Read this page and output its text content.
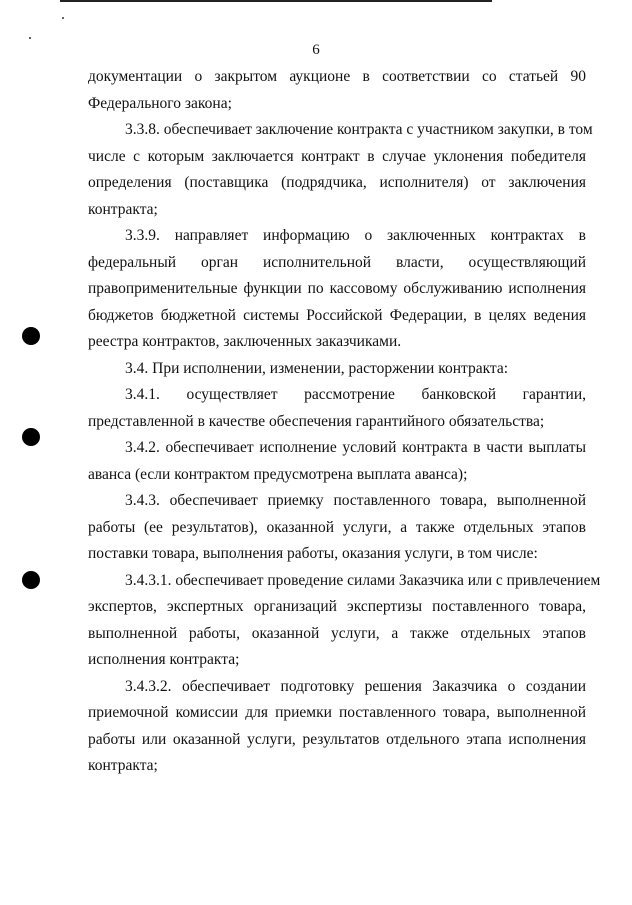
6
документации о закрытом аукционе в соответствии со статьей 90
Федерального закона;
3.3.8. обеспечивает заключение контракта с участником закупки, в том
числе с которым заключается контракт в случае уклонения победителя
определения (поставщика (подрядчика, исполнителя) от заключения
контракта;
3.3.9. направляет информацию о заключенных контрактах в
федеральный орган исполнительной власти, осуществляющий
правоприменительные функции по кассовому обслуживанию исполнения
бюджетов бюджетной системы Российской Федерации, в целях ведения
реестра контрактов, заключенных заказчиками.
3.4. При исполнении, изменении, расторжении контракта:
3.4.1. осуществляет рассмотрение банковской гарантии,
представленной в качестве обеспечения гарантийного обязательства;
3.4.2. обеспечивает исполнение условий контракта в части выплаты
аванса (если контрактом предусмотрена выплата аванса);
3.4.3. обеспечивает приемку поставленного товара, выполненной
работы (ее результатов), оказанной услуги, а также отдельных этапов
поставки товара, выполнения работы, оказания услуги, в том числе:
3.4.3.1. обеспечивает проведение силами Заказчика или с привлечением
экспертов, экспертных организаций экспертизы поставленного товара,
выполненной работы, оказанной услуги, а также отдельных этапов
исполнения контракта;
3.4.3.2. обеспечивает подготовку решения Заказчика о создании
приемочной комиссии для приемки поставленного товара, выполненной
работы или оказанной услуги, результатов отдельного этапа исполнения
контракта;
